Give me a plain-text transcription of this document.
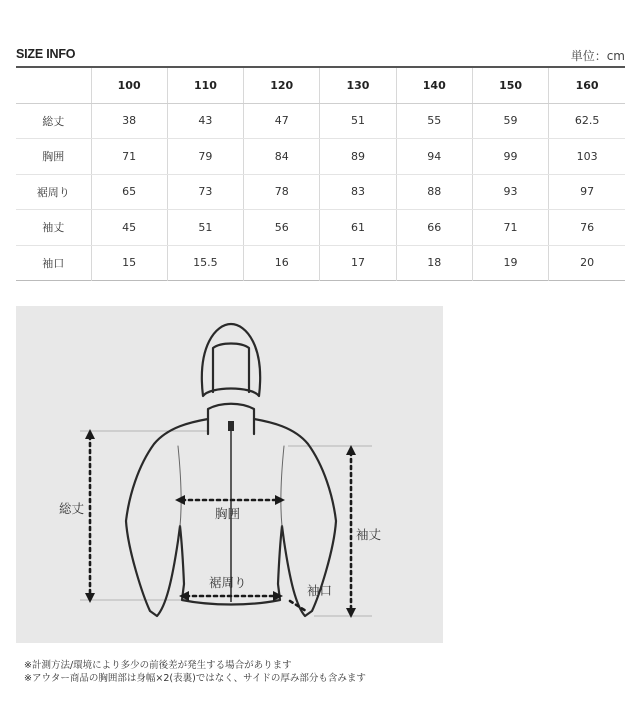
SIZE INFO	単位：cm
	100	110	120	130	140	150	160
総丈	38	43	47	51	55	59	62.5
胸囲	71	79	84	89	94	99	103
裾周り	65	73	78	83	88	93	97
袖丈	45	51	56	61	66	71	76
袖口	15	15.5	16	17	18	19	20
総丈	胸囲
裾周り
袖丈
袖口
※計測方法/環境により多少の前後差が発生する場合があります
※アウター商品の胸囲部は身幅×2(表裏)ではなく、サイドの厚み部分も含みます
